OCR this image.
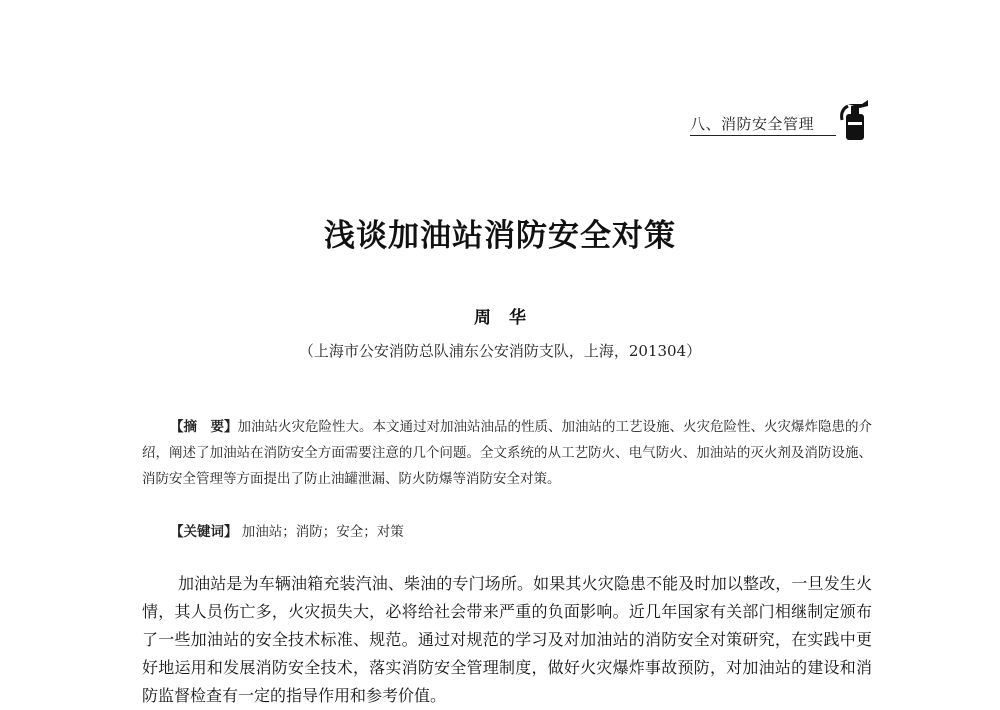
八、消防安全管理
浅谈加油站消防安全对策
周华
（上海市公安消防总队浦东公安消防支队，上海，201304）

【摘　要】加油站火灾危险性大。本文通过对加油站油品的性质、加油站的工艺设施、火灾危险性、火灾爆炸隐患的介绍，阐述了加油站在消防安全方面需要注意的几个问题。全文系统的从工艺防火、电气防火、加油站的灭火剂及消防设施、消防安全管理等方面提出了防止油罐泄漏、防火防爆等消防安全对策。

【关键词】 加油站；消防；安全；对策

加油站是为车辆油箱充装汽油、柴油的专门场所。如果其火灾隐患不能及时加以整改，一旦发生火情，其人员伤亡多，火灾损失大，必将给社会带来严重的负面影响。近几年国家有关部门相继制定颁布了一些加油站的安全技术标准、规范。通过对规范的学习及对加油站的消防安全对策研究，在实践中更好地运用和发展消防安全技术，落实消防安全管理制度，做好火灾爆炸事故预防，对加油站的建设和消防监督检查有一定的指导作用和参考价值。
